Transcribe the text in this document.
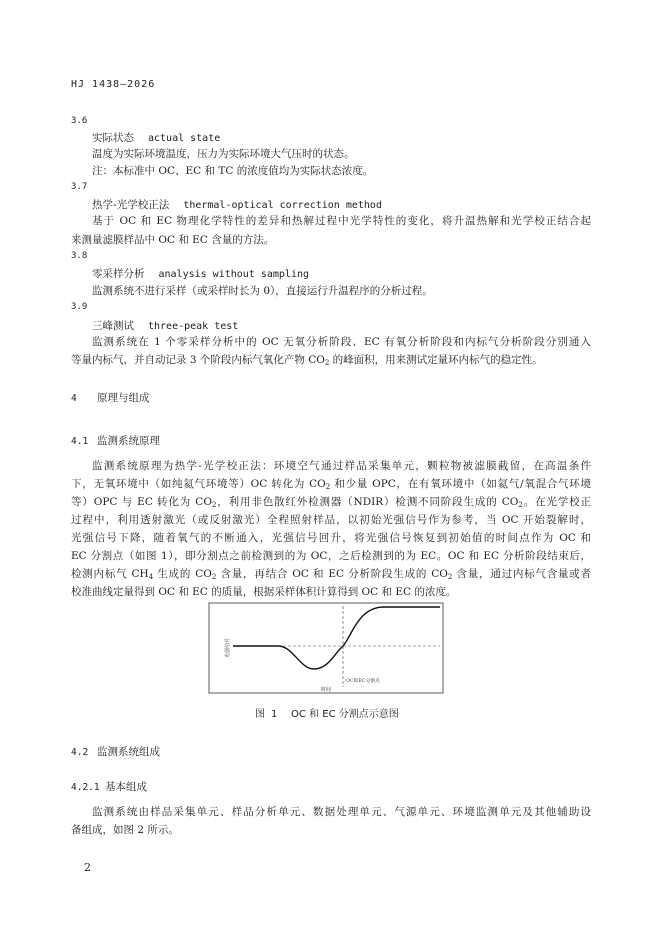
HJ 1438—2026
3.6
实际状态 actual state
温度为实际环境温度，压力为实际环境大气压时的状态。
注：本标准中 OC、EC 和 TC 的浓度值均为实际状态浓度。
3.7
热学-光学校正法 thermal-optical correction method
基于 OC 和 EC 物理化学特性的差异和热解过程中光学特性的变化，将升温热解和光学校正结合起
来测量滤膜样品中 OC 和 EC 含量的方法。
3.8
零采样分析 analysis without sampling
监测系统不进行采样（或采样时长为 0），直接运行升温程序的分析过程。
3.9
三峰测试 three-peak test
监测系统在 1 个零采样分析中的 OC 无氧分析阶段、EC 有氧分析阶段和内标气分析阶段分别通入
等量内标气，并自动记录 3 个阶段内标气氧化产物 $CO_2$ 的峰面积，用来测试定量环内标气的稳定性。
4 原理与组成
4.1 监测系统原理
监测系统原理为热学-光学校正法：环境空气通过样品采集单元，颗粒物被滤膜截留，在高温条件
下，无氧环境中（如纯氦气环境等）OC 转化为 $CO_2$ 和少量 OPC，在有氧环境中（如氦气/氧混合气环境
等）OPC 与 EC 转化为 $CO_2$，利用非色散红外检测器（NDIR）检测不同阶段生成的 $CO_2$。在光学校正
过程中，利用透射激光（或反射激光）全程照射样品，以初始光强信号作为参考，当 OC 开始裂解时，
光强信号下降，随着氧气的不断通入，光强信号回升，将光强信号恢复到初始值的时间点作为 OC 和
EC 分割点（如图 1），即分割点之前检测到的为 OC，之后检测到的为 EC。OC 和 EC 分析阶段结束后，
检测内标气 $CH_4$ 生成的 $CO_2$ 含量，再结合 OC 和 EC 分析阶段生成的 $CO_2$ 含量，通过内标气含量或者
校准曲线定量得到 OC 和 EC 的质量，根据采样体积计算得到 OC 和 EC 的浓度。
光强信号
时间
OC和EC分割点
图 1 OC 和 EC 分割点示意图
4.2 监测系统组成
4.2.1 基本组成
监测系统由样品采集单元、样品分析单元、数据处理单元、气源单元、环境监测单元及其他辅助设
备组成，如图 2 所示。
2
